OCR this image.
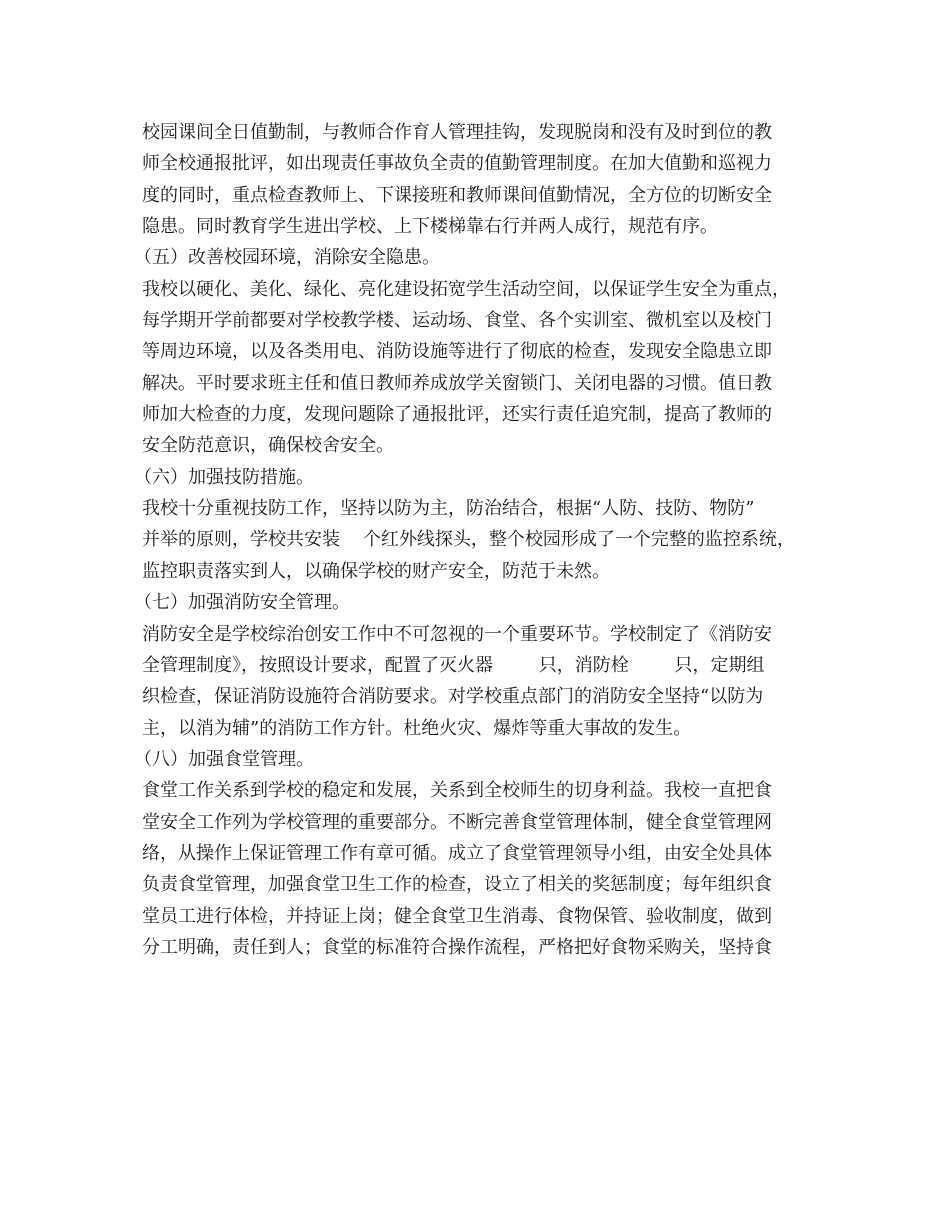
校园课间全日值勤制，与教师合作育人管理挂钩，发现脱岗和没有及时到位的教
师全校通报批评，如出现责任事故负全责的值勤管理制度。在加大值勤和巡视力
度的同时，重点检查教师上、下课接班和教师课间值勤情况，全方位的切断安全
隐患。同时教育学生进出学校、上下楼梯靠右行并两人成行，规范有序。
（五）改善校园环境，消除安全隐患。
我校以硬化、美化、绿化、亮化建设拓宽学生活动空间，以保证学生安全为重点，
每学期开学前都要对学校教学楼、运动场、食堂、各个实训室、微机室以及校门
等周边环境，以及各类用电、消防设施等进行了彻底的检查，发现安全隐患立即
解决。平时要求班主任和值日教师养成放学关窗锁门、关闭电器的习惯。值日教
师加大检查的力度，发现问题除了通报批评，还实行责任追究制，提高了教师的
安全防范意识，确保校舍安全。
（六）加强技防措施。
我校十分重视技防工作，坚持以防为主，防治结合，根据“人防、技防、物防”
并举的原则，学校共安装    个红外线探头，整个校园形成了一个完整的监控系统，
监控职责落实到人，以确保学校的财产安全，防范于未然。
（七）加强消防安全管理。
消防安全是学校综治创安工作中不可忽视的一个重要环节。学校制定了《消防安
全管理制度》，按照设计要求，配置了灭火器        只，消防栓        只，定期组
织检查，保证消防设施符合消防要求。对学校重点部门的消防安全坚持“以防为
主，以消为辅”的消防工作方针。杜绝火灾、爆炸等重大事故的发生。
（八）加强食堂管理。
食堂工作关系到学校的稳定和发展，关系到全校师生的切身利益。我校一直把食
堂安全工作列为学校管理的重要部分。不断完善食堂管理体制，健全食堂管理网
络，从操作上保证管理工作有章可循。成立了食堂管理领导小组，由安全处具体
负责食堂管理，加强食堂卫生工作的检查，设立了相关的奖惩制度；每年组织食
堂员工进行体检，并持证上岗；健全食堂卫生消毒、食物保管、验收制度，做到
分工明确，责任到人；食堂的标准符合操作流程，严格把好食物采购关，坚持食
